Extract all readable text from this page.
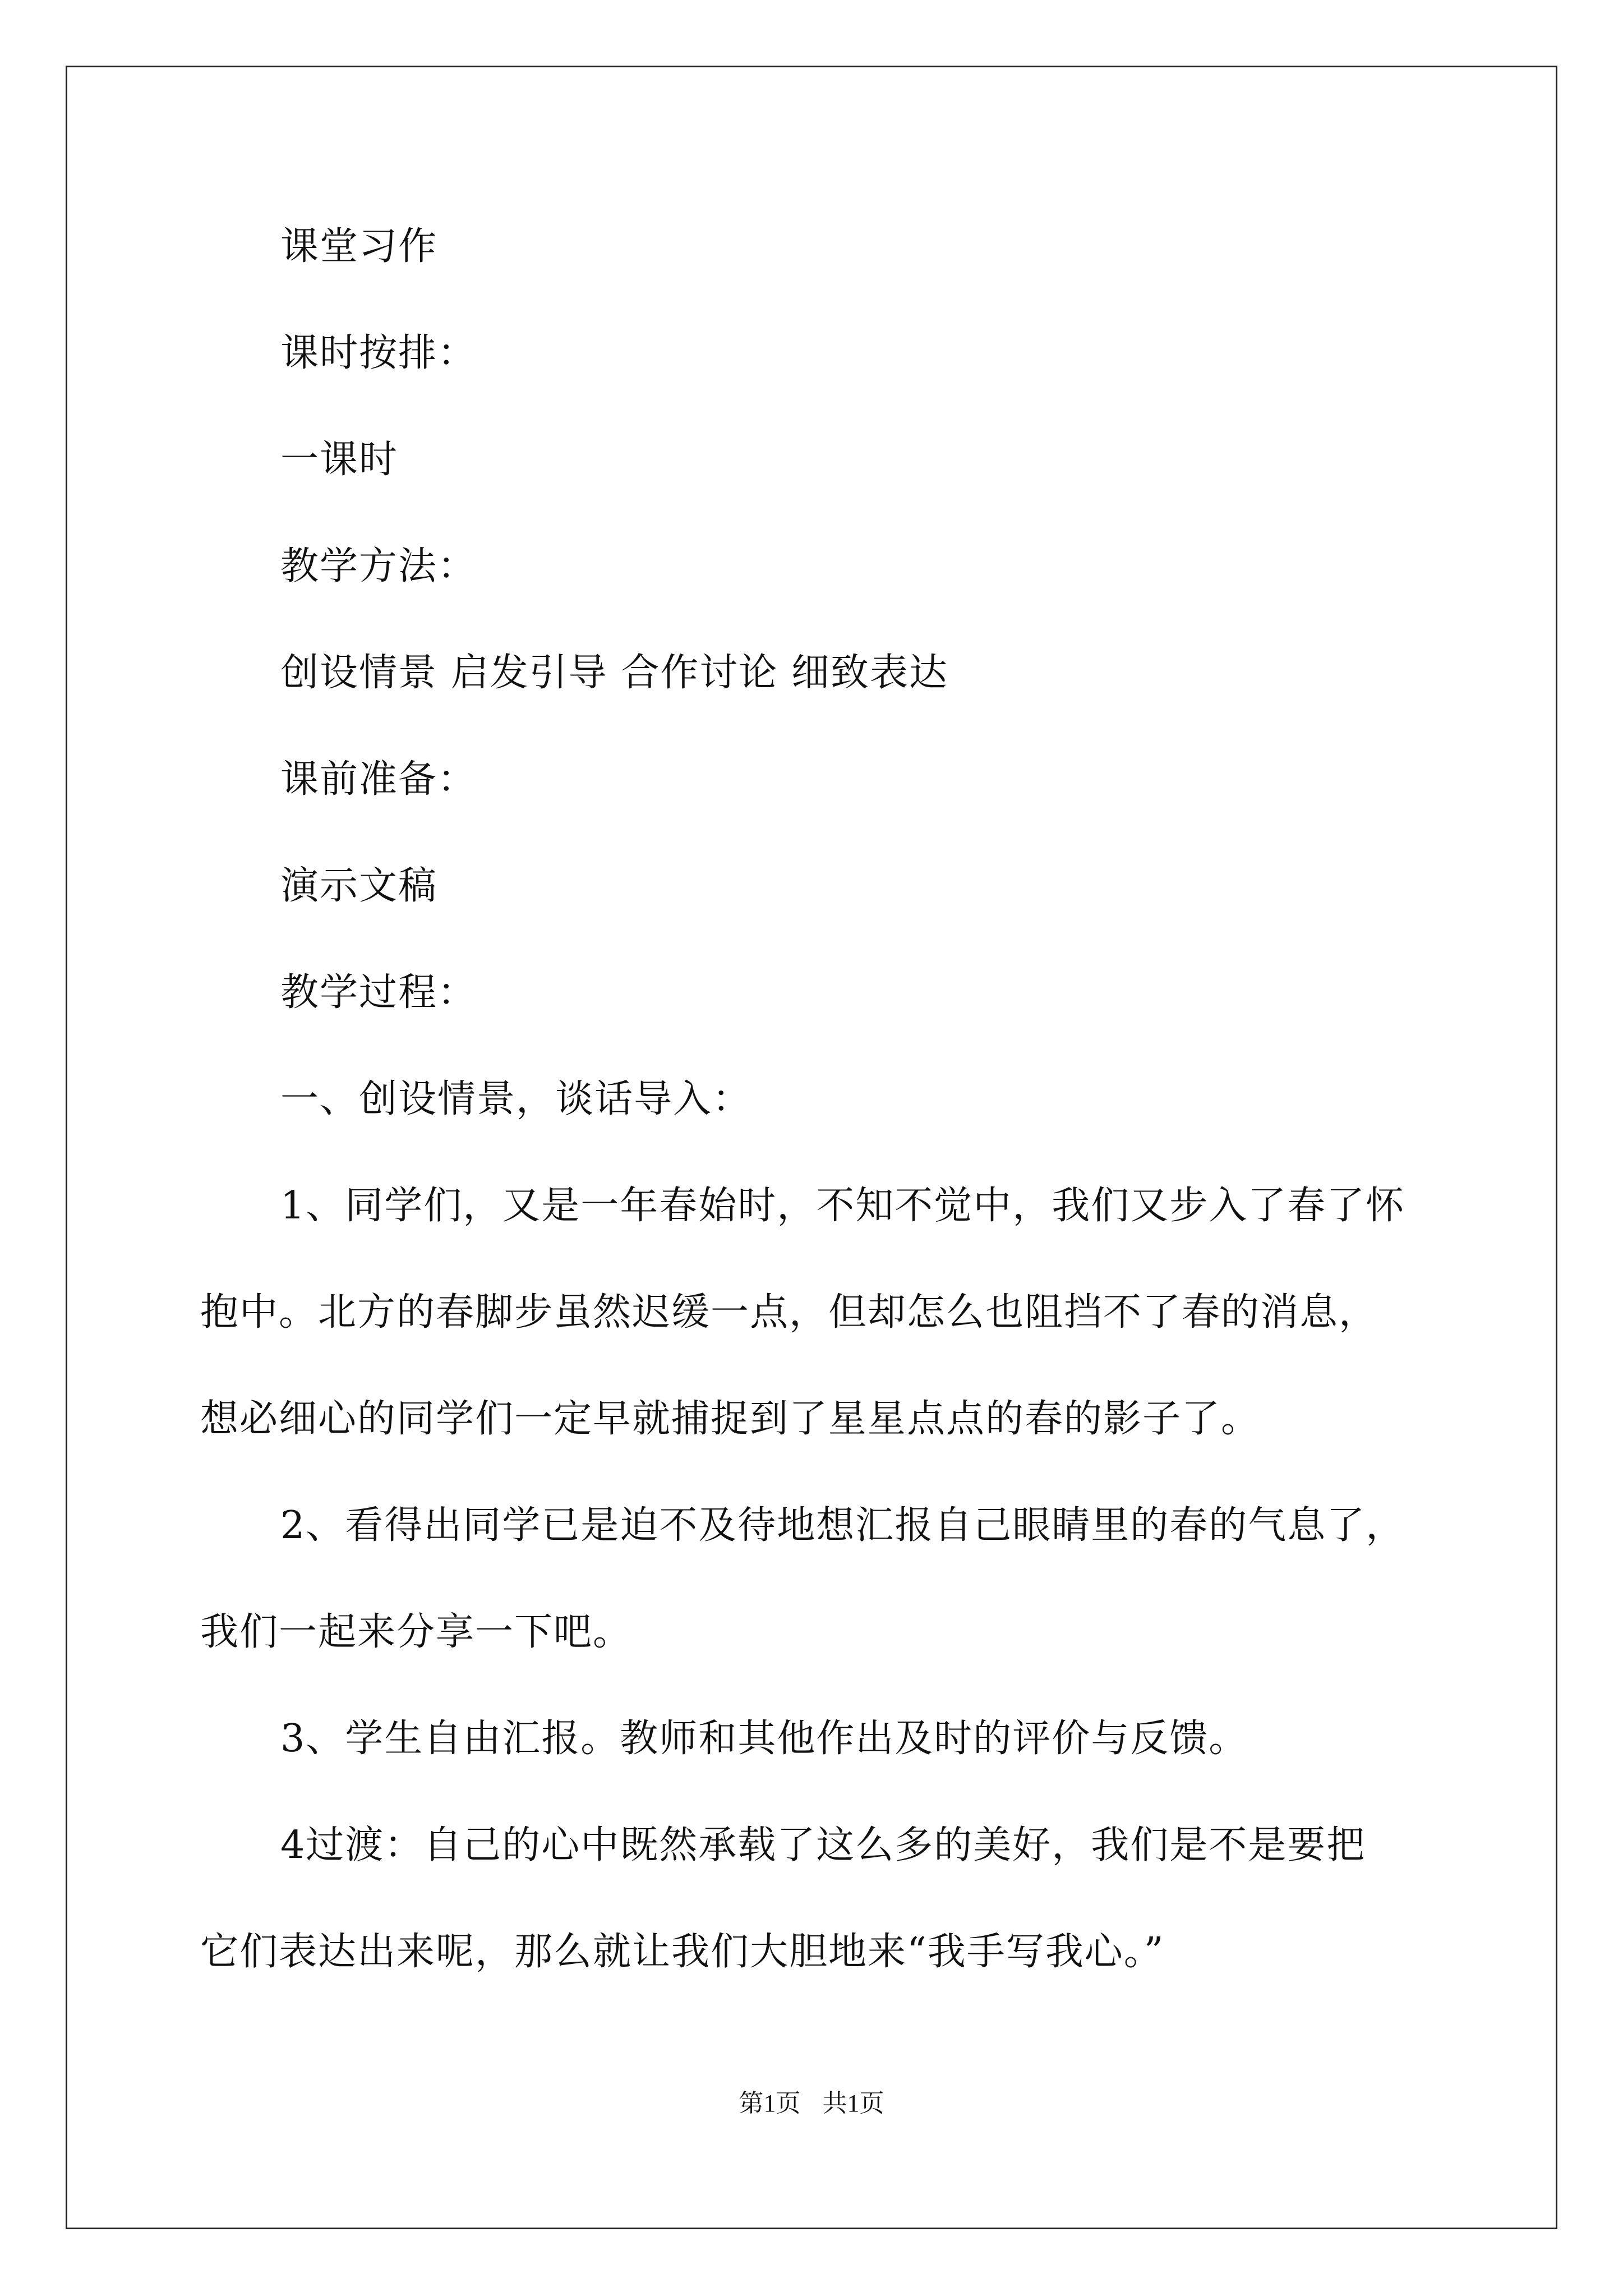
课堂习作
课时按排：
一课时
教学方法：
创设情景 启发引导 合作讨论 细致表达
课前准备：
演示文稿
教学过程：
一、创设情景，谈话导入：
1、同学们，又是一年春始时，不知不觉中，我们又步入了春了怀
抱中。北方的春脚步虽然迟缓一点，但却怎么也阻挡不了春的消息，
想必细心的同学们一定早就捕捉到了星星点点的春的影子了。
2、看得出同学已是迫不及待地想汇报自己眼睛里的春的气息了，
我们一起来分享一下吧。
3、学生自由汇报。教师和其他作出及时的评价与反馈。
4过渡：自己的心中既然承载了这么多的美好，我们是不是要把
它们表达出来呢，那么就让我们大胆地来“我手写我心。”
第1页 共1页
